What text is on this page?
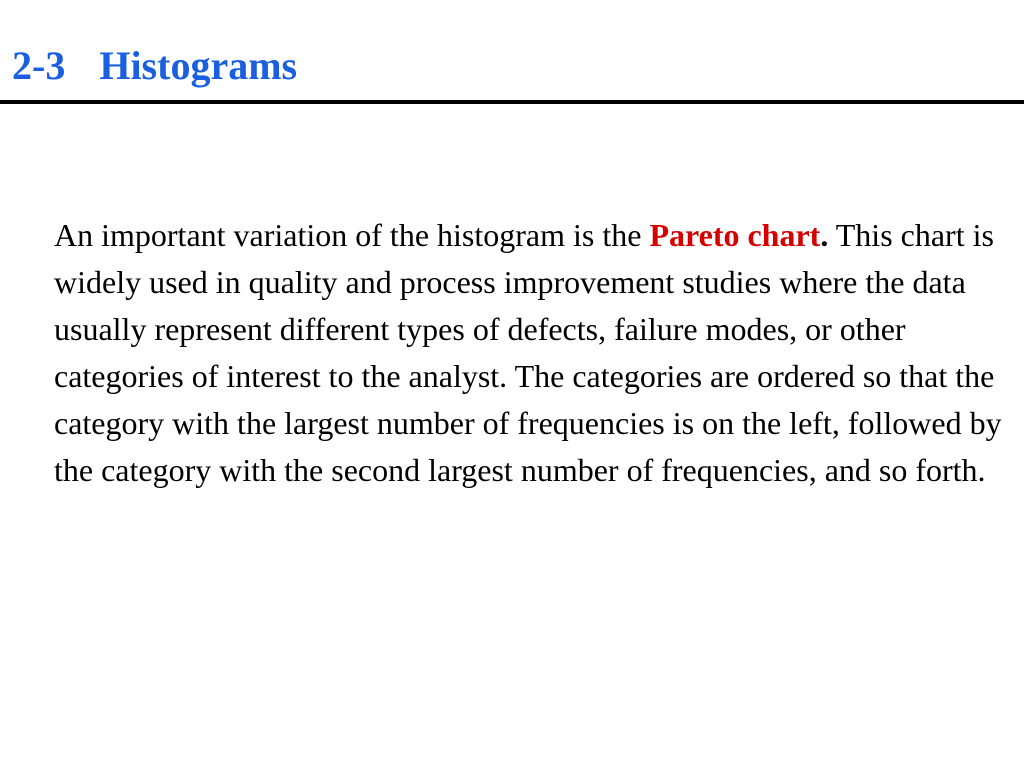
2-3 Histograms
An important variation of the histogram is the Pareto chart. This chart is widely used in quality and process improvement studies where the data usually represent different types of defects, failure modes, or other categories of interest to the analyst. The categories are ordered so that the category with the largest number of frequencies is on the left, followed by the category with the second largest number of frequencies, and so forth.
